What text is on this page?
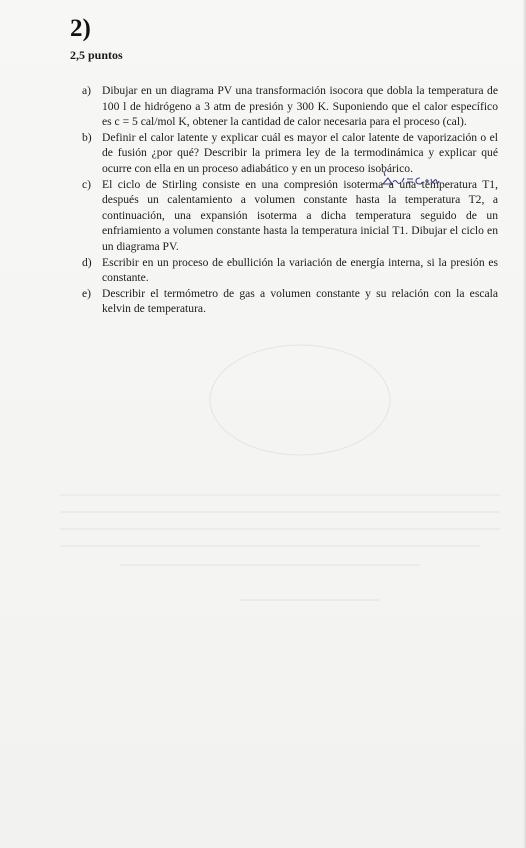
2)
2,5 puntos
a) Dibujar en un diagrama PV una transformación isocora que dobla la temperatura de 100 l de hidrógeno a 3 atm de presión y 300 K. Suponiendo que el calor específico es c = 5 cal/mol K, obtener la cantidad de calor necesaria para el proceso (cal).
b) Definir el calor latente y explicar cuál es mayor el calor latente de vaporización o el de fusión ¿por qué? Describir la primera ley de la termodinámica y explicar qué ocurre con ella en un proceso adiabático y en un proceso isobárico.
c) El ciclo de Stirling consiste en una compresión isoterma a una temperatura T1, después un calentamiento a volumen constante hasta la temperatura T2, a continuación, una expansión isoterma a dicha temperatura seguido de un enfriamiento a volumen constante hasta la temperatura inicial T1. Dibujar el ciclo en un diagrama PV.
d) Escribir en un proceso de ebullición la variación de energía interna, si la presión es constante.
e) Describir el termómetro de gas a volumen constante y su relación con la escala kelvin de temperatura.
